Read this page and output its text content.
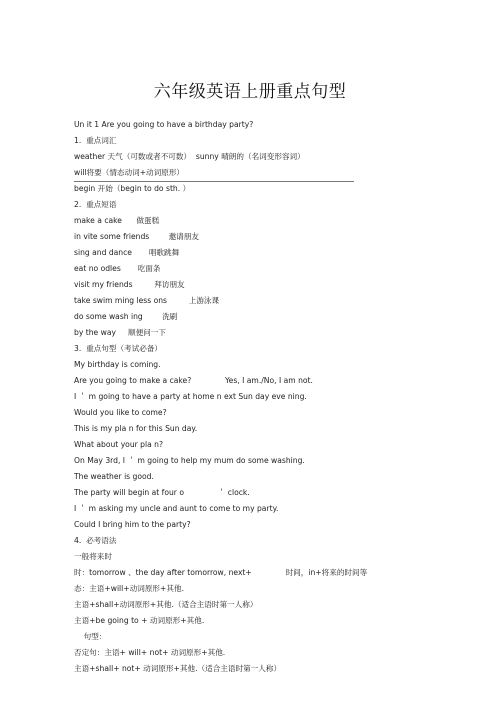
六年级英语上册重点句型
Un it 1 Are you going to have a birthday party?
1.  重点词汇
weather 天气（可数或者不可数）  sunny 晴朗的（名词变形容词）
will将要（情态动词+动词原形）
begin 开始（begin to do sth. ）
2.  重点短语
make a cake      做蛋糕
in vite some friends        邀请朋友
sing and dance       唱歌跳舞
eat no odles       吃面条
visit my friends         拜访朋友
take swim ming less ons         上游泳课
do some wash ing        洗刷
by the way     顺便问一下
3.  重点句型（考试必备）
My birthday is coming.
Are you going to make a cake?              Yes, I am./No, I am not.
I ＇ m going to have a party at home n ext Sun day eve ning.
Would you like to come?
This is my pla n for this Sun day.
What about your pla n?
On May 3rd, I ＇ m going to help my mum do some washing.
The weather is good.
The party will begin at four o              ＇ clock.
I ＇ m asking my uncle and aunt to come to my party.
Could I bring him to the party?
4.  必考语法
一般将来时
时：tomorrow 、the day after tomorrow, next+              时间，in+将来的时间等
态：主语+will+动词原形+其他.
主语+shall+动词原形+其他.（适合主语时第一人称）
主语+be going to + 动词原形+其他.
句型：
否定句：主语+ will+ not+ 动词原形+其他.
主语+shall+ not+ 动词原形+其他.（适合主语时第一人称）
